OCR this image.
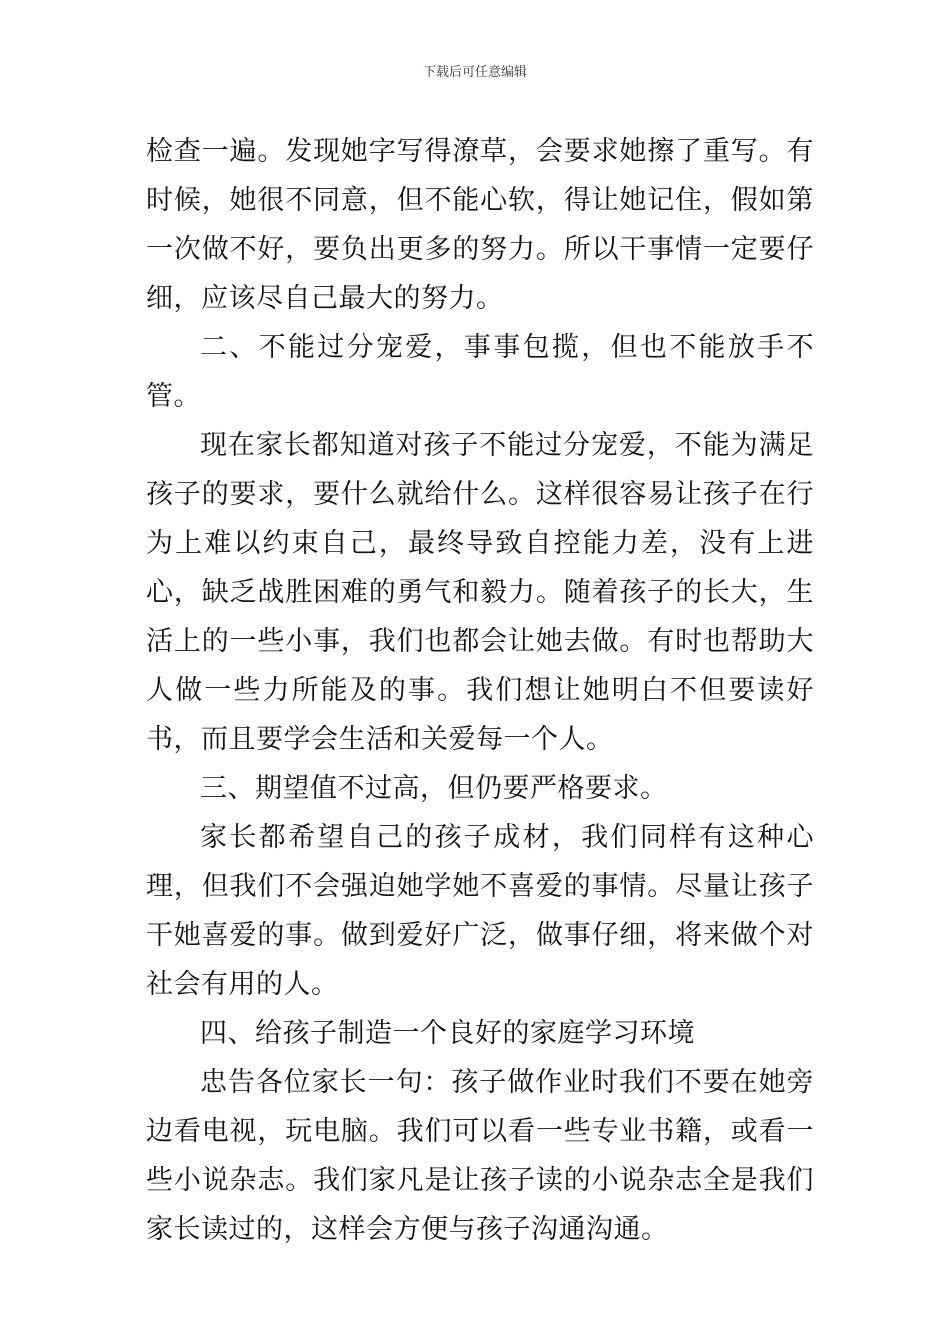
下载后可任意编辑

检查一遍。发现她字写得潦草，会要求她擦了重写。有时候，她很不同意，但不能心软，得让她记住，假如第一次做不好，要负出更多的努力。所以干事情一定要仔细，应该尽自己最大的努力。

二、不能过分宠爱，事事包揽，但也不能放手不管。

现在家长都知道对孩子不能过分宠爱，不能为满足孩子的要求，要什么就给什么。这样很容易让孩子在行为上难以约束自己，最终导致自控能力差，没有上进心，缺乏战胜困难的勇气和毅力。随着孩子的长大，生活上的一些小事，我们也都会让她去做。有时也帮助大人做一些力所能及的事。我们想让她明白不但要读好书，而且要学会生活和关爱每一个人。

三、期望值不过高，但仍要严格要求。

家长都希望自己的孩子成材，我们同样有这种心理，但我们不会强迫她学她不喜爱的事情。尽量让孩子干她喜爱的事。做到爱好广泛，做事仔细，将来做个对社会有用的人。

四、给孩子制造一个良好的家庭学习环境

忠告各位家长一句：孩子做作业时我们不要在她旁边看电视，玩电脑。我们可以看一些专业书籍，或看一些小说杂志。我们家凡是让孩子读的小说杂志全是我们家长读过的，这样会方便与孩子沟通沟通。
